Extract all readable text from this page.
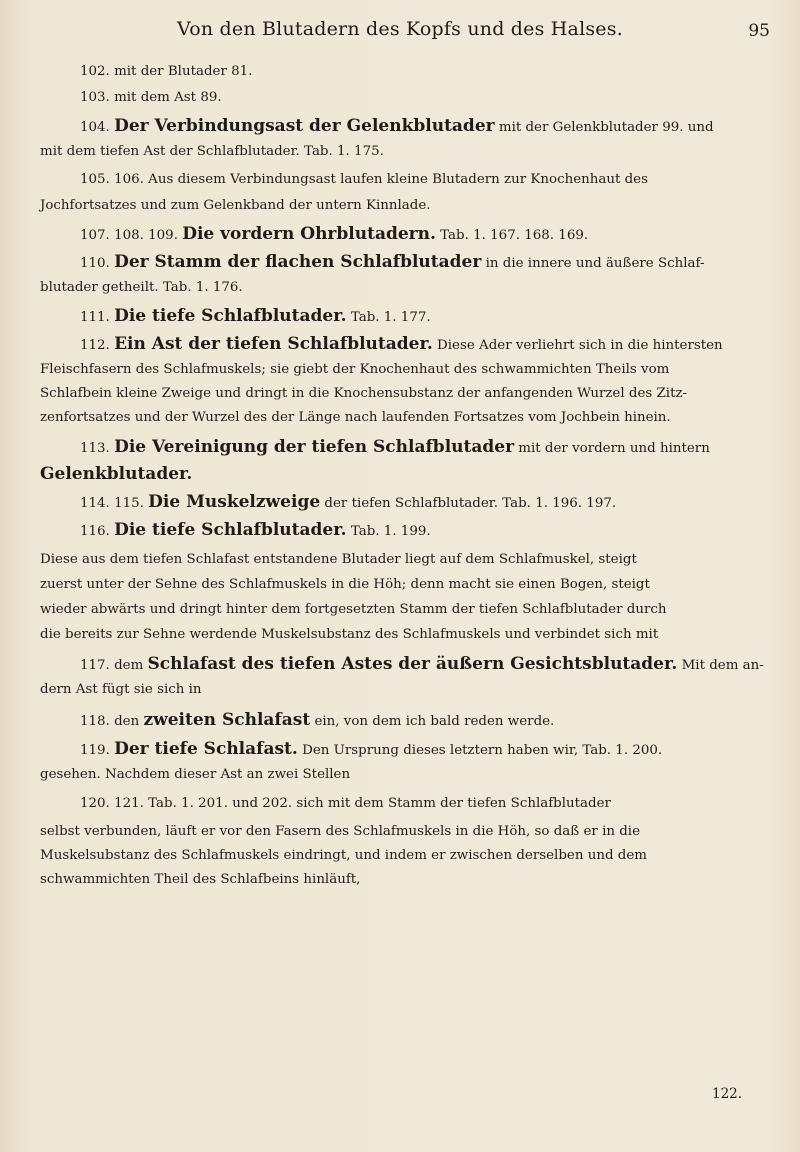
Von den Blutadern des Kopfs und des Halses.	95
102. mit der Blutader 81.
103. mit dem Ast 89.
104. Der Verbindungsast der Gelenkblutader mit der Gelenkblutader 99. und
mit dem tiefen Ast der Schlafblutader. Tab. 1. 175.
105. 106. Aus diesem Verbindungsast laufen kleine Blutadern zur Knochenhaut des
Jochfortsatzes und zum Gelenkband der untern Kinnlade.
107. 108. 109. Die vordern Ohrblutadern. Tab. 1. 167. 168. 169.
110. Der Stamm der flachen Schlafblutader in die innere und äußere Schlaf-
blutader getheilt. Tab. 1. 176.
111. Die tiefe Schlafblutader. Tab. 1. 177.
112. Ein Ast der tiefen Schlafblutader. Diese Ader verliehrt sich in die hintersten
Fleischfasern des Schlafmuskels; sie giebt der Knochenhaut des schwammichten Theils vom
Schlafbein kleine Zweige und dringt in die Knochensubstanz der anfangenden Wurzel des Zitz-
zenfortsatzes und der Wurzel des der Länge nach laufenden Fortsatzes vom Jochbein hinein.
113. Die Vereinigung der tiefen Schlafblutader mit der vordern und hintern
Gelenkblutader.
114. 115. Die Muskelzweige der tiefen Schlafblutader. Tab. 1. 196. 197.
116. Die tiefe Schlafblutader. Tab. 1. 199.
Diese aus dem tiefen Schlafast entstandene Blutader liegt auf dem Schlafmuskel, steigt
zuerst unter der Sehne des Schlafmuskels in die Höh; denn macht sie einen Bogen, steigt
wieder abwärts und dringt hinter dem fortgesetzten Stamm der tiefen Schlafblutader durch
die bereits zur Sehne werdende Muskelsubstanz des Schlafmuskels und verbindet sich mit
117. dem Schlafast des tiefen Astes der äußern Gesichtsblutader. Mit dem an-
dern Ast fügt sie sich in
118. den zweiten Schlafast ein, von dem ich bald reden werde.
119. Der tiefe Schlafast. Den Ursprung dieses letztern haben wir, Tab. 1. 200.
gesehen. Nachdem dieser Ast an zwei Stellen
120. 121. Tab. 1. 201. und 202. sich mit dem Stamm der tiefen Schlafblutader
selbst verbunden, läuft er vor den Fasern des Schlafmuskels in die Höh, so daß er in die
Muskelsubstanz des Schlafmuskels eindringt, und indem er zwischen derselben und dem
schwammichten Theil des Schlafbeins hinläuft,
122.
